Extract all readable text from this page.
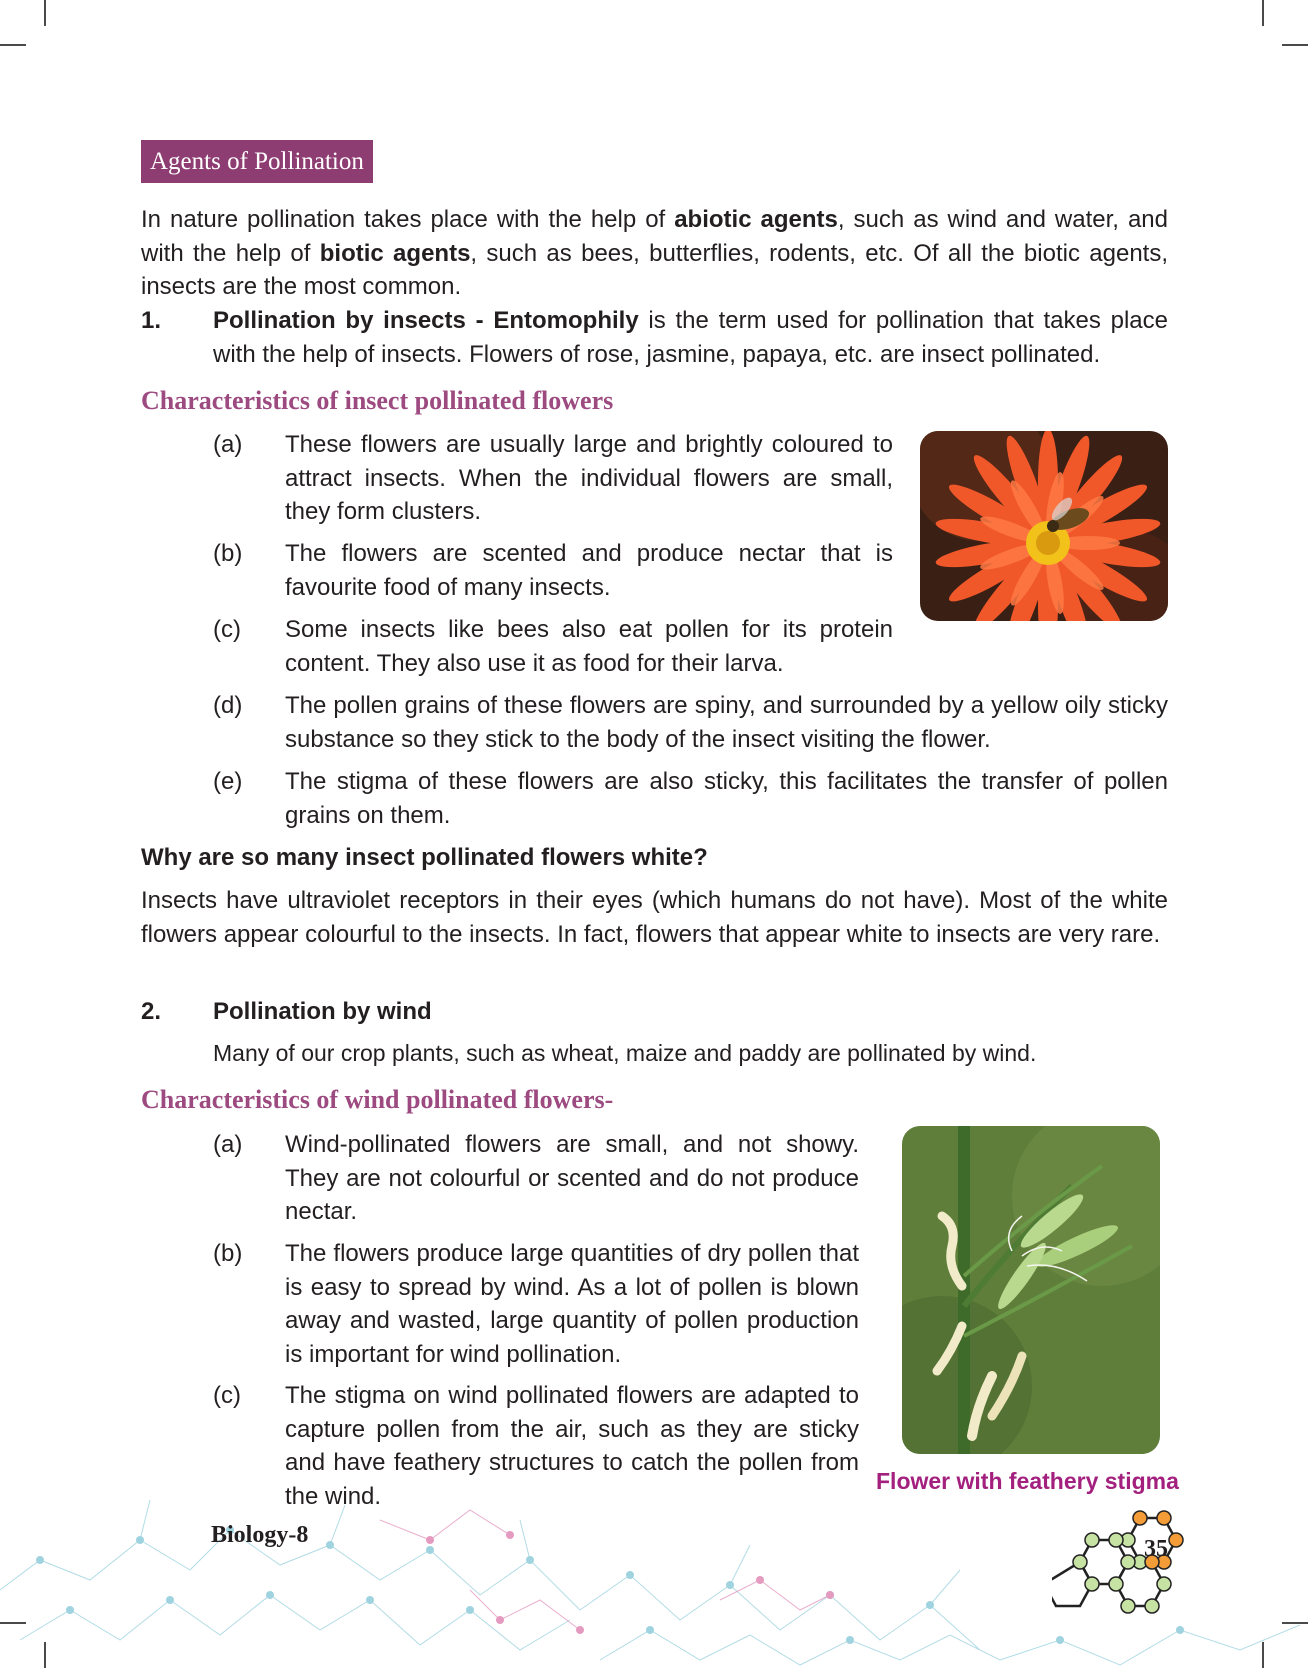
Agents of Pollination
In nature pollination takes place with the help of abiotic agents, such as wind and water, and with the help of biotic agents, such as bees, butterflies, rodents, etc. Of all the biotic agents, insects are the most common.
1. Pollination by insects - Entomophily is the term used for pollination that takes place with the help of insects. Flowers of rose, jasmine, papaya, etc. are insect pollinated.
Characteristics of insect pollinated flowers
(a) These flowers are usually large and brightly coloured to attract insects. When the individual flowers are small, they form clusters.
(b) The flowers are scented and produce nectar that is favourite food of many insects.
(c) Some insects like bees also eat pollen for its protein content. They also use it as food for their larva.
(d) The pollen grains of these flowers are spiny, and surrounded by a yellow oily sticky substance so they stick to the body of the insect visiting the flower.
(e) The stigma of these flowers are also sticky, this facilitates the transfer of pollen grains on them.
Why are so many insect pollinated flowers white?
Insects have ultraviolet receptors in their eyes (which humans do not have). Most of the white flowers appear colourful to the insects. In fact, flowers that appear white to insects are very rare.
2. Pollination by wind
Many of our crop plants, such as wheat, maize and paddy are pollinated by wind.
Characteristics of wind pollinated flowers-
(a) Wind-pollinated flowers are small, and not showy. They are not colourful or scented and do not produce nectar.
(b) The flowers produce large quantities of dry pollen that is easy to spread by wind. As a lot of pollen is blown away and wasted, large quantity of pollen production is important for wind pollination.
(c) The stigma on wind pollinated flowers are adapted to capture pollen from the air, such as they are sticky and have feathery structures to catch the pollen from the wind.
Flower with feathery stigma
Biology-8
35
